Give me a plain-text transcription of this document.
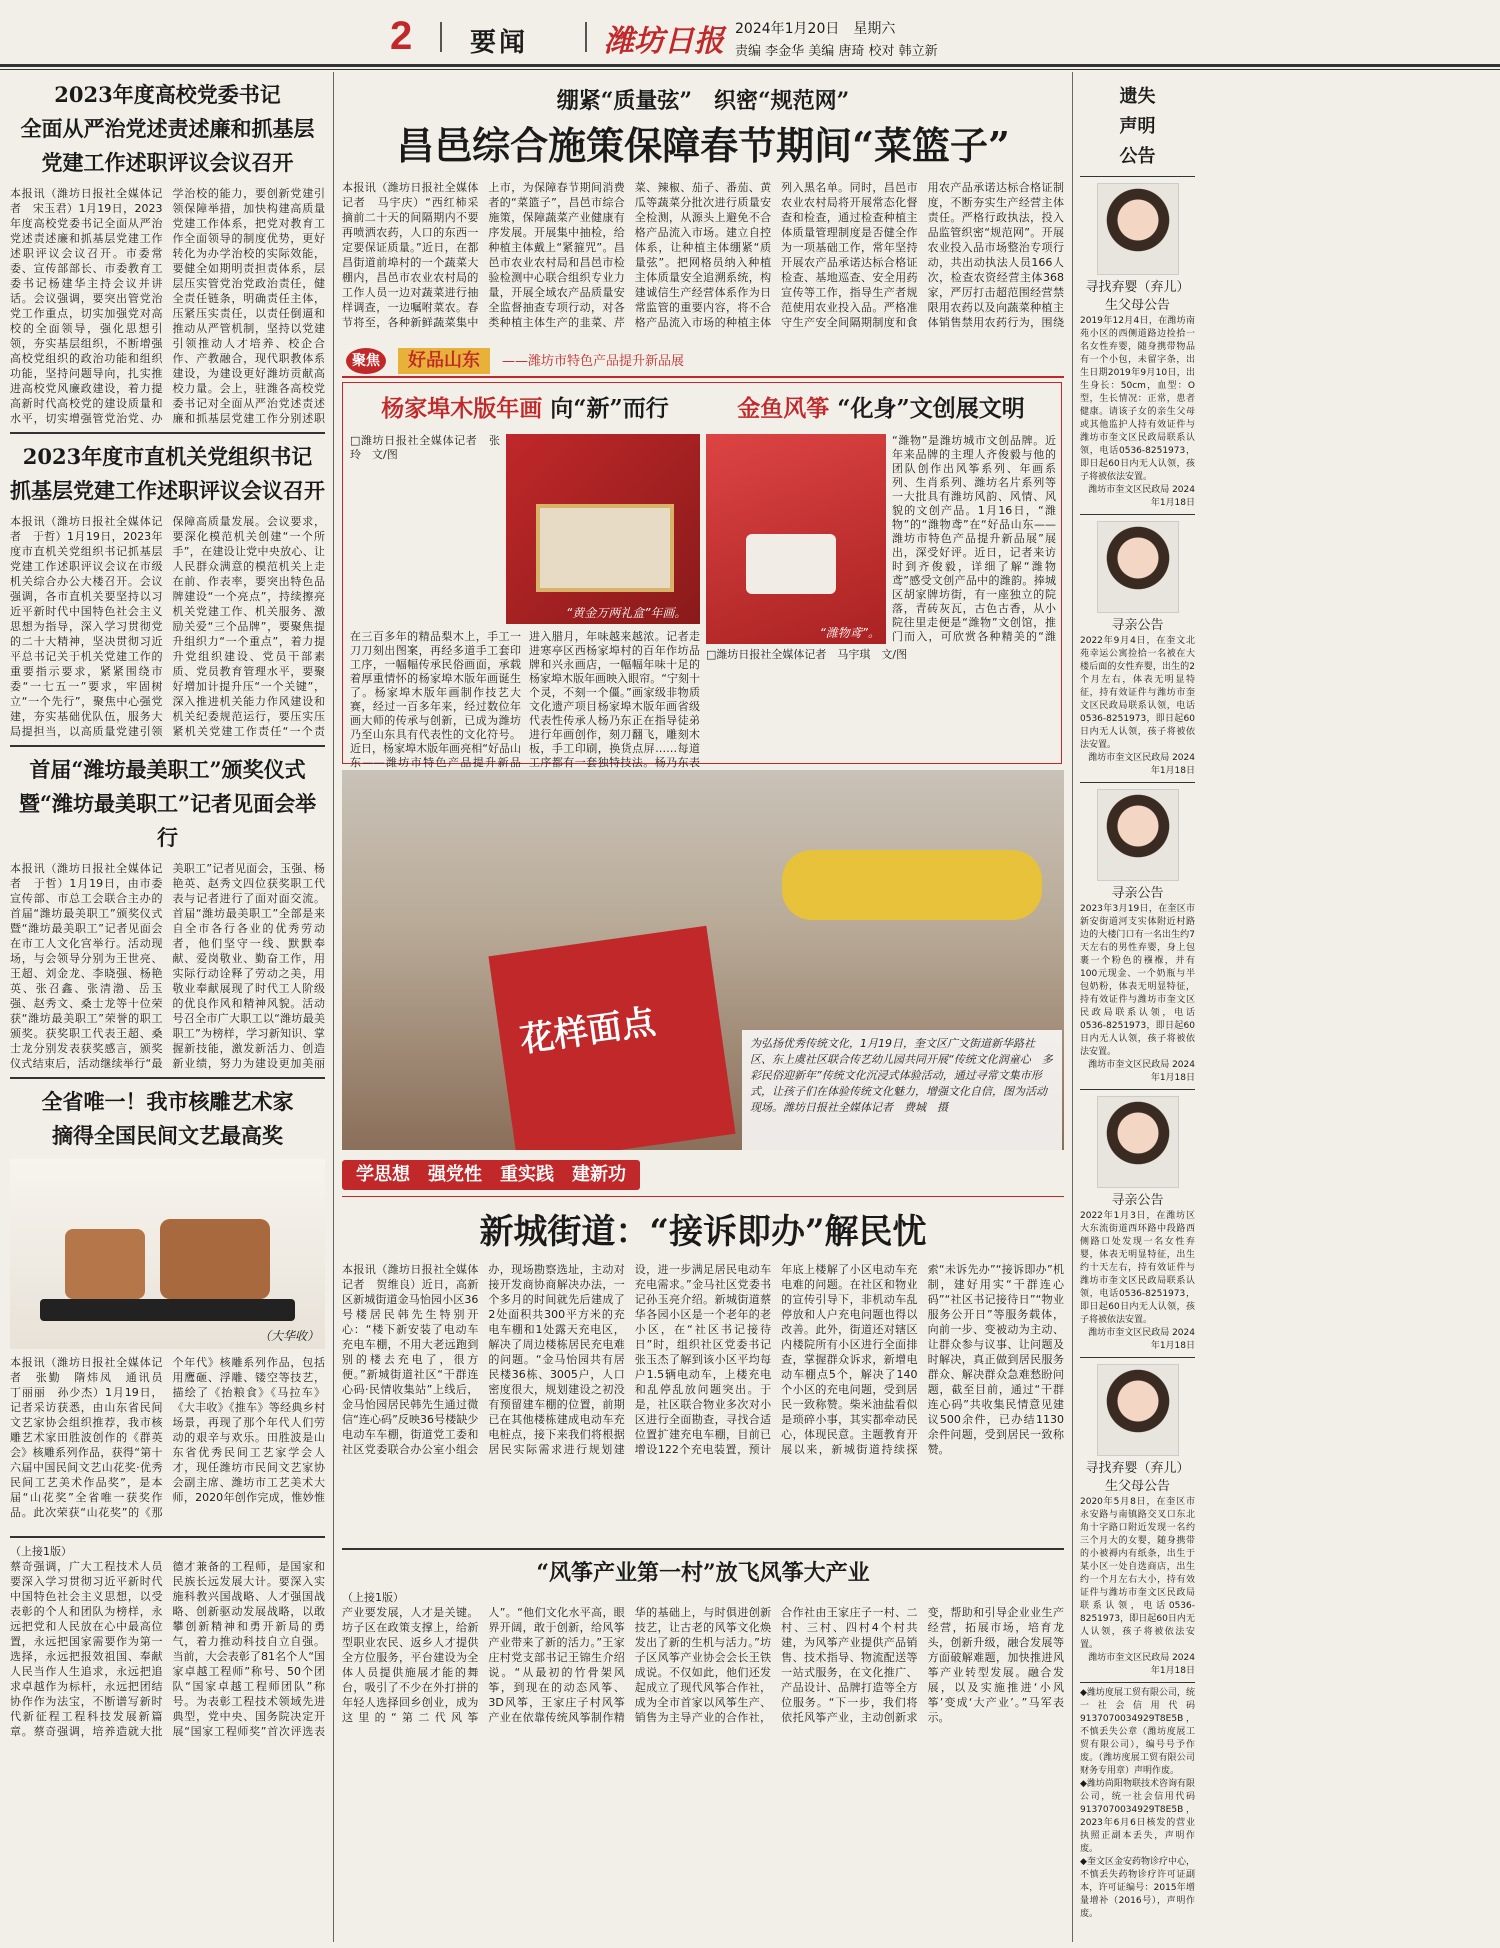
2 要闻	潍坊日报 2024年1月20日　星期六
责编 李金华 美编 唐琦 校对 韩立新
2023年度高校党委书记
全面从严治党述责述廉和抓基层
党建工作述职评议会议召开
本报讯（潍坊日报社全媒体记者　宋玉君）1月19日，2023年度高校党委书记全面从严治党述责述廉和抓基层党建工作述职评议会议召开。市委常委、宣传部部长、市委教育工委书记杨建华主持会议并讲话。会议强调，要突出管党治党工作重点，切实加强党对高校的全面领导，强化思想引领，夯实基层组织，不断增强高校党组织的政治功能和组织功能，坚持问题导向，扎实推进高校党风廉政建设，着力提高新时代高校党的建设质量和水平，切实增强管党治党、办学治校的能力，要创新党建引领保障举措，加快构建高质量党建工作体系，把党对教育工作全面领导的制度优势，更好转化为办学治校的实际效能，要健全如期明责担责体系，层层压实管党治党政治责任，健全责任链条，明确责任主体，压紧压实责任，以责任倒逼和推动从严管机制，坚持以党建引领推动人才培养、校企合作、产教融合，现代职教体系建设，为建设更好潍坊贡献高校力量。会上，驻潍各高校党委书记对全面从严治党述责述廉和抓基层党建工作分别述职
2023年度市直机关党组织书记
抓基层党建工作述职评议会议召开
本报讯（潍坊日报社全媒体记者　于哲）1月19日，2023年度市直机关党组织书记抓基层党建工作述职评议会议在市级机关综合办公大楼召开。会议强调，各市直机关要坚持以习近平新时代中国特色社会主义思想为指导，深入学习贯彻党的二十大精神，坚决贯彻习近平总书记关于机关党建工作的重要指示要求，紧紧围绕市委“一七五一”要求，牢固树立“一个先行”，聚焦中心强党建，夯实基础优队伍，服务大局提担当，以高质量党建引领保障高质量发展。会议要求，要深化模范机关创建“一个所手”，在建设让党中央放心、让人民群众满意的模范机关上走在前、作表率，要突出特色品牌建设“一个亮点”，持续擦亮机关党建工作、机关服务、激励关爱“三个品牌”，要聚焦提升组织力“一个重点”，着力提升党组织建设、党员干部素质、党员教育管理水平，要聚好增加计提升压“一个关键”，深入推进机关能力作风建设和机关纪委规范运行，要压实压紧机关党建工作责任“一个责
首届“潍坊最美职工”颁奖仪式
暨“潍坊最美职工”记者见面会举行
本报讯（潍坊日报社全媒体记者　于哲）1月19日，由市委宣传部、市总工会联合主办的首届“潍坊最美职工”颁奖仪式暨“潍坊最美职工”记者见面会在市工人文化宫举行。活动现场，与会领导分别为王世亮、王超、刘金龙、李晓强、杨艳英、张召鑫、张清渤、岳玉强、赵秀文、桑士龙等十位荣获“潍坊最美职工”荣誉的职工颁奖。获奖职工代表王超、桑士龙分别发表获奖感言，颁奖仪式结束后，活动继续举行“最美职工”记者见面会，玉强、杨艳英、赵秀文四位获奖职工代表与记者进行了面对面交流。首届“潍坊最美职工”全部是来自全市各行各业的优秀劳动者，他们坚守一线、默默奉献、爱岗敬业、勤奋工作，用实际行动诠释了劳动之美，用敬业奉献展现了时代工人阶级的优良作风和精神风貌。活动号召全市广大职工以“潍坊最美职工”为榜样，学习新知识、掌握新技能，激发新活力、创造新业绩，努力为建设更加美丽
全省唯一！我市核雕艺术家
摘得全国民间文艺最高奖
（大华收）
本报讯（潍坊日报社全媒体记者　张勤　隋炜凤　通讯员　丁丽丽　孙少杰）1月19日，记者采访获悉，由山东省民间文艺家协会组织推荐，我市核雕艺术家田胜波创作的《群英会》核雕系列作品，获得“第十六届中国民间文艺山花奖·优秀民间工艺美术作品奖”，是本届“山花奖”全省唯一获奖作品。此次荣获“山花奖”的《那个年代》核雕系列作品，包括用鹰砸、浮雕、镂空等技艺，描绘了《抬粮食》《马拉车》《大丰收》《推车》等经典乡村场景，再现了那个年代人们劳动的艰辛与欢乐。田胜波是山东省优秀民间工艺家学会人才，现任潍坊市民间文艺家协会副主席、潍坊市工艺美术大师，2020年创作完成，惟妙惟
（上接1版）
蔡奇强调，广大工程技术人员要深入学习贯彻习近平新时代中国特色社会主义思想，以受表彰的个人和团队为榜样，永远把党和人民放在心中最高位置，永远把国家需要作为第一选择，永远把报效祖国、奉献人民当作人生追求，永远把追求卓越作为标杆，永远把团结协作作为法宝，不断谱写新时代新征程工程科技发展新篇章。蔡奇强调，培养造就大批德才兼备的工程师，是国家和民族长远发展大计。要深入实施科教兴国战略、人才强国战略、创新驱动发展战略，以敢攀创新精神和勇开新局的勇气，着力推动科技自立自强。当前，大会表彰了81名个人“国家卓越工程师”称号、50个团队“国家卓越工程师团队”称号。为表彰工程技术领域先进典型，党中央、国务院决定开展“国家工程师奖”首次评选表
绷紧“质量弦”　织密“规范网”
昌邑综合施策保障春节期间“菜篮子”
本报讯（潍坊日报社全媒体记者　马宇庆）“西红柿采摘前二十天的间隔期内不要再喷洒农药，人口的东西一定要保证质量。”近日，在都昌街道前埠村的一个蔬菜大棚内，昌邑市农业农村局的工作人员一边对蔬菜进行抽样调查，一边嘱咐菜农。春节将至，各种新鲜蔬菜集中上市，为保障春节期间消费者的“菜篮子”，昌邑市综合施策，保障蔬菜产业健康有序发展。开展集中抽检，给种植主体戴上“紧箍咒”。昌邑市农业农村局和昌邑市检验检测中心联合组织专业力量，开展全域农产品质量安全监督抽查专项行动，对各类种植主体生产的韭菜、芹菜、辣椒、茄子、番茄、黄瓜等蔬菜分批次进行质量安全检测，从源头上避免不合格产品流入市场。建立自控体系，让种植主体绷紧“质量弦”。把网格员纳入种植主体质量安全追溯系统，构建诚信生产经营体系作为日常监管的重要内容，将不合格产品流入市场的种植主体列入黑名单。同时，昌邑市农业农村局将开展常态化督查和检查，通过检查种植主体质量管理制度是否健全作为一项基础工作，常年坚持开展农产品承诺达标合格证检查、基地巡查、安全用药宣传等工作，指导生产者规范使用农业投入品。严格准守生产安全间隔期制度和食用农产品承诺达标合格证制度，不断夯实生产经营主体责任。严格行政执法，投入品监管织密“规范网”。开展农业投入品市场整治专项行动，共出动执法人员166人次，检查农资经营主体368家，严厉打击超范围经营禁限用农药以及向蔬菜种植主体销售禁用农药行为，围绕
聚焦	好品山东	——潍坊市特色产品提升新品展
杨家埠木版年画 向“新”而行
□潍坊日报社全媒体记者　张玲　文/图
“黄金万两礼盒”年画。
在三百多年的精品梨木上，手工一刀刀刻出图案，再经多道手工套印工序，一幅幅传承民俗画面，承载着厚重情怀的杨家埠木版年画诞生了。杨家埠木版年画制作技艺大赛，经过一百多年来，经过数位年画大师的传承与创新，已成为潍坊乃至山东具有代表性的文化符号。近日，杨家埠木版年画亮相“好品山东——潍坊市特色产品提升新品 进入腊月，年味越来越浓。记者走进寒亭区西杨家埠村的百年作坊品牌和兴永画店，一幅幅年味十足的杨家埠木版年画映入眼帘。“宁刻十个灵，不刻一个僵。”画家级非物质文化遗产项目杨家埠木版年画省级代表性传承人杨乃东正在指导徒弟进行年画创作，刻刀翻飞，雕刻木板，手工印刷，换货点屏……每道工序都有一套独特技法。杨乃东表
金鱼风筝 “化身”文创展文明
“潍物鸢”。
“潍物”是潍坊城市文创品牌。近年来品牌的主理人齐俊毅与他的团队创作出风筝系列、年画系列、生肖系列、潍坊名片系列等一大批具有潍坊风韵、风情、风貌的文创产品。1月16日，“潍物”的“潍物鸢”在“好品山东——潍坊市特色产品提升新品展”展出，深受好评。近日，记者来访时到齐俊毅，详细了解“潍物鸢”感受文创产品中的潍韵。捧城区胡家牌坊街，有一座独立的院落，青砖灰瓦，古色古香，从小院往里走便是“潍物”文创馆，推门而入，可欣赏各种精美的“潍
□潍坊日报社全媒体记者　马宇琪　文/图
花样面点	为弘扬优秀传统文化，1月19日，奎文区广文街道新华路社区、东上虞社区联合传艺幼儿园共同开展“传统文化润童心　多彩民俗迎新年”传统文化沉浸式体验活动，通过寻常文集市形式，让孩子们在体验传统文化魅力，增强文化自信，图为活动现场。潍坊日报社全媒体记者　费城　摄
学思想　强党性　重实践　建新功
新城街道：“接诉即办”解民忧
本报讯（潍坊日报社全媒体记者　贺维良）近日，高新区新城街道金马怡园小区36号楼居民韩先生特别开心：“楼下新安装了电动车充电车棚，不用大老远跑到别的楼去充电了，很方便。”新城街道社区“干群连心码·民情收集站”上线后，金马怡园居民韩先生通过微信“连心码”反映36号楼缺少电动车车棚，街道党工委和社区党委联合办公室小组会办，现场勘察选址，主动对接开发商协商解决办法，一个多月的时间就先后建成了2处面积共300平方米的充电车棚和1处露天充电区，解决了周边楼栋居民充电难的问题。“金马怡园共有居民楼36栋、3005户，人口密度很大，规划建设之初没有预留建车棚的位置，前期已在其他楼栋建成电动车充电桩点，接下来我们将根据居民实际需求进行规划建设，进一步满足居民电动车充电需求。”金马社区党委书记孙玉亮介绍。新城街道蔡华各园小区是一个老年的老小区，在“社区书记接待日”时，组织社区党委书记张玉杰了解到该小区平均每户1.5辆电动车，上楼充电和乱停乱放问题突出。于是，社区联合物业多次对小区进行全面勘查，寻找合适位置扩建充电车棚，目前已增设122个充电装置，预计年底上楼解了小区电动车充电难的问题。在社区和物业的宣传引导下，非机动车乱停放和人户充电问题也得以改善。此外，街道还对辖区内楼院所有小区进行全面排查，掌握群众诉求，新增电动车棚点5个，解决了140个小区的充电问题，受到居民一致称赞。柴米油盐看似是琐碎小事，其实都牵动民心，体现民意。主题教育开展以来，新城街道持续探索“未诉先办”“接诉即办”机制，建好用实“干群连心码”“社区书记接待日”“物业服务公开日”等服务载体，向前一步、变被动为主动、让群众参与议事、让问题及时解决，真正做到居民服务群众、解决群众急难愁盼问题，截至目前，通过“干群连心码”共收集民情意见建议500余件，已办结1130余件问题，受到居民一致称赞。
“风筝产业第一村”放飞风筝大产业
（上接1版）
产业要发展，人才是关键。坊子区在政策支撑上，给新型职业农民、返乡人才提供全方位服务，平台建设为全体人员提供施展才能的舞台，吸引了不少在外打拼的年轻人选择回乡创业，成为这里的“第二代风筝人”。“他们文化水平高，眼界开阔，敢于创新，给风筝产业带来了新的活力。”王家庄村党支部书记王锦生介绍说。“从最初的竹骨架风筝，到现在的动态风筝、3D风筝，王家庄子村风筝产业在依靠传统风筝制作精华的基础上，与时俱进创新技艺，让古老的风筝文化焕发出了新的生机与活力。”坊子区风筝产业协会会长王铁成说。不仅如此，他们还发起成立了现代风筝合作社，成为全市首家以风筝生产、销售为主导产业的合作社，合作社由王家庄子一村、二村、三村、四村4个村共建，为风筝产业提供产品销售、技术指导、物流配送等一站式服务，在文化推广、产品设计、品牌打造等全方位服务。“下一步，我们将依托风筝产业，主动创新求变，帮助和引导企业业生产经营，拓展市场，培育龙头，创新升级，融合发展等方面破解难题，加快推进风筝产业转型发展。融合发展，以及实施推进‘小风筝’变成‘大产业’。”马军表示。
遗失
声明
公告
寻找弃婴（弃儿）生父母公告
2019年12月4日，在潍坊南苑小区的西侧道路边捡拾一名女性弃婴，随身携带物品有一个小包，未留字条，出生日期2019年9月10日，出生身长：50cm，血型：O型，生长情况：正常，患者健康。请该子女的亲生父母或其他监护人持有效证件与潍坊市奎文区民政局联系认领，电话0536-8251973，即日起60日内无人认领，孩子将被依法安置。
潍坊市奎文区民政局 2024年1月18日
寻亲公告
2022年9月4日，在奎文北苑幸运公寓捡拾一名被在大楼后面的女性弃婴，出生的2个月左右，体表无明显特征，持有效证件与潍坊市奎文区民政局联系认领，电话0536-8251973，即日起60日内无人认领，孩子将被依法安置。
潍坊市奎文区民政局 2024年1月18日
寻亲公告
2023年3月19日，在奎区市新安街道河支实体附近村路边的大楼门口有一名出生约7天左右的男性弃婴，身上包裹一个粉色的襁褓，并有100元现金、一个奶瓶与半包奶粉，体表无明显特征，持有效证件与潍坊市奎文区民政局联系认领，电话0536-8251973，即日起60日内无人认领，孩子将被依法安置。
潍坊市奎文区民政局 2024年1月18日
寻亲公告
2022年1月3日，在潍坊区大东流街道西环路中段路西侧路口处发现一名女性弃婴，体表无明显特征，出生约十天左右，持有效证件与潍坊市奎文区民政局联系认领，电话0536-8251973，即日起60日内无人认领，孩子将被依法安置。
潍坊市奎文区民政局 2024年1月18日
寻找弃婴（弃儿）生父母公告
2020年5月8日，在奎区市永安路与南镇路交叉口东北角十字路口附近发现一名约三个月大的女婴，随身携带的小被褥内有纸条，出生于某小区一处自选商店，出生约一个月左右大小，持有效证件与潍坊市奎文区民政局联系认领，电话0536-8251973，即日起60日内无人认领，孩子将被依法安置。
潍坊市奎文区民政局 2024年1月18日
◆潍坊度展工贸有限公司，统一社会信用代码9137070034929T8E5B，不慎丢失公章（潍坊度展工贸有限公司），编号号予作废。（潍坊度展工贸有限公司财务专用章）声明作废。
◆潍坊尚阳物联技术咨询有限公司，统一社会信用代码9137070034929T8E5B，2023年6月6日核发的营业执照正副本丢失，声明作废。
◆奎文区金安药物诊疗中心，不慎丢失药物诊疗许可证副本，许可证编号：2015年增量增补（2016号），声明作废。
